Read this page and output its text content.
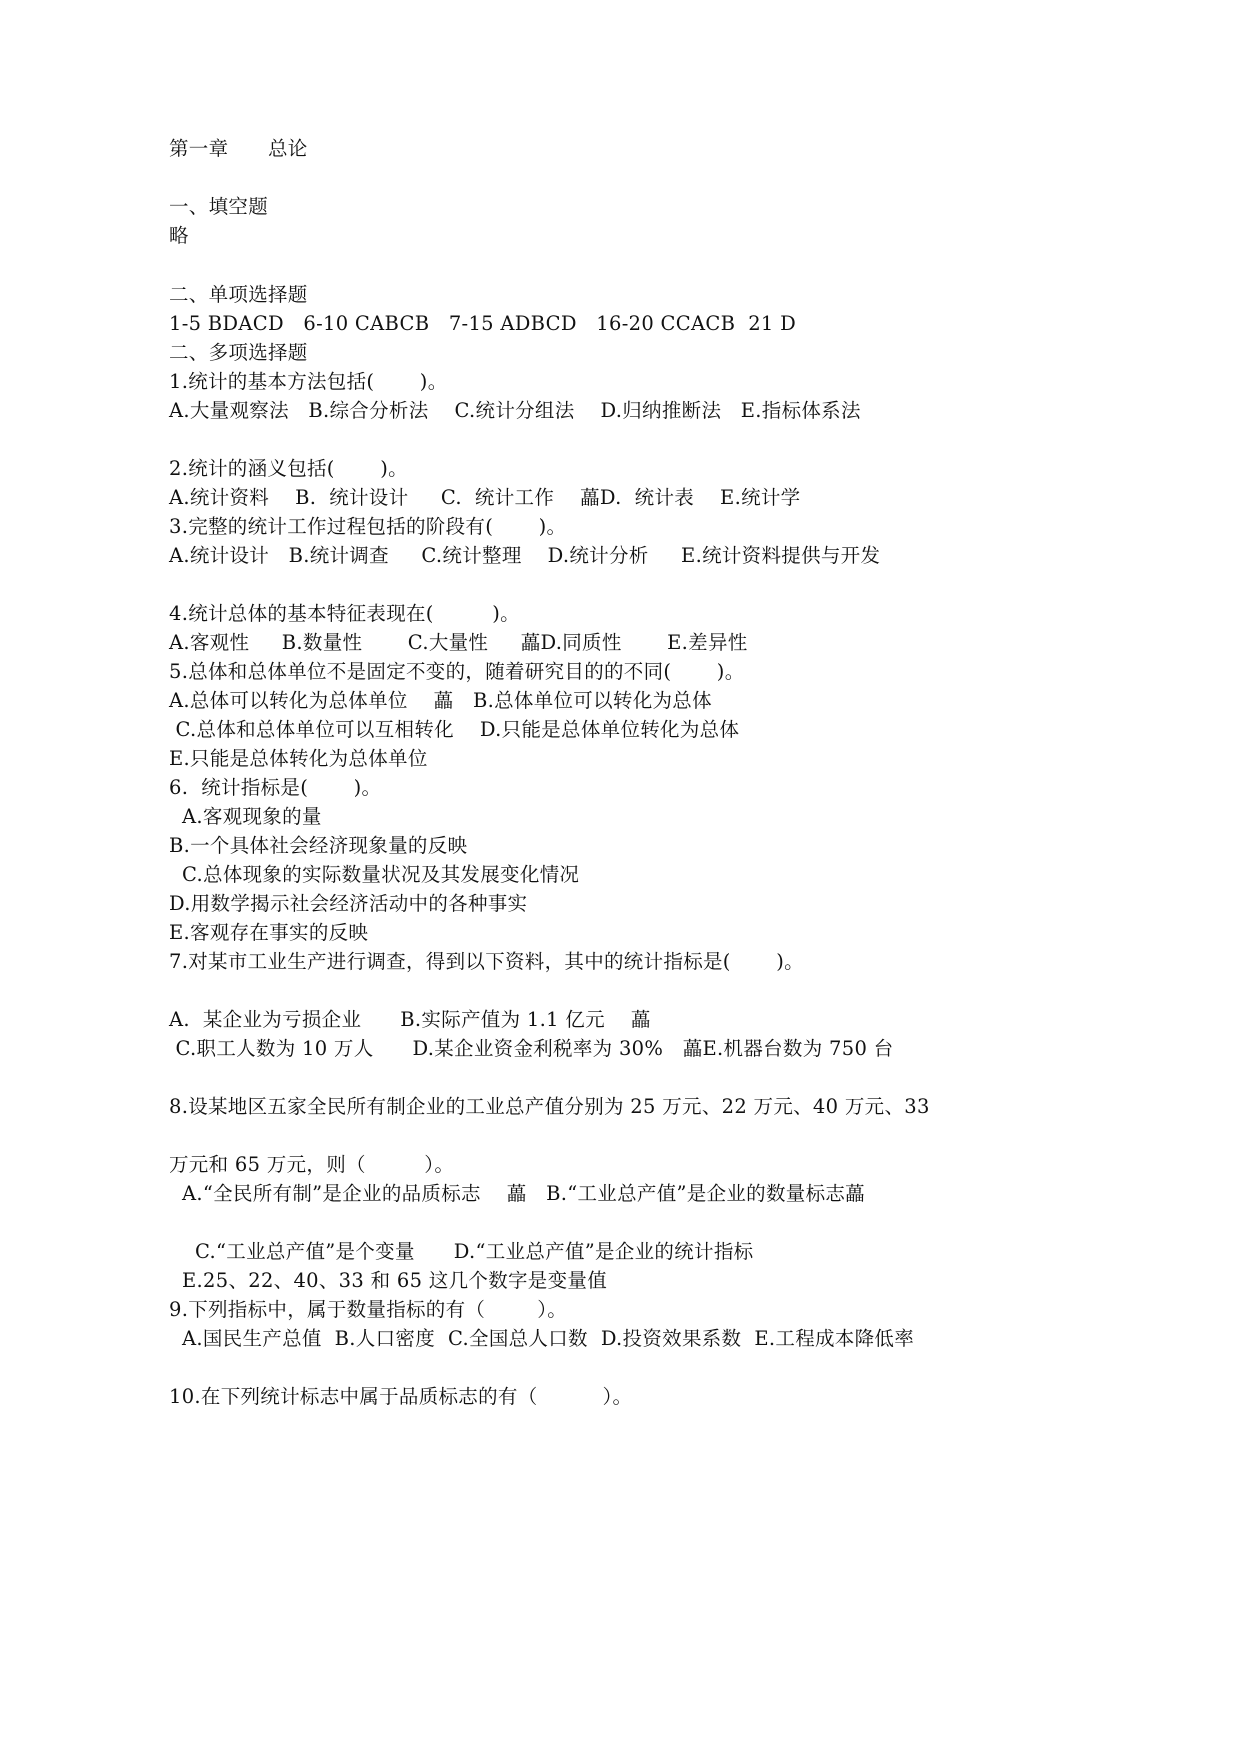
第一章　　总论
一、填空题
略
二、单项选择题
1-5 BDACD   6-10 CABCB   7-15 ADBCD   16-20 CCACB  21 D
二、多项选择题
1.统计的基本方法包括(       )。
A.大量观察法   B.综合分析法    C.统计分组法    D.归纳推断法   E.指标体系法
2.统计的涵义包括(       )。
A.统计资料    B.  统计设计     C.  统计工作    藟D.  统计表    E.统计学
3.完整的统计工作过程包括的阶段有(       )。
A.统计设计   B.统计调查     C.统计整理    D.统计分析     E.统计资料提供与开发
4.统计总体的基本特征表现在(         )。
A.客观性     B.数量性       C.大量性     藟D.同质性       E.差异性
5.总体和总体单位不是固定不变的，随着研究目的的不同(       )。
A.总体可以转化为总体单位    藟   B.总体单位可以转化为总体
C.总体和总体单位可以互相转化    D.只能是总体单位转化为总体
E.只能是总体转化为总体单位
6.  统计指标是(       )。
A.客观现象的量
B.一个具体社会经济现象量的反映
C.总体现象的实际数量状况及其发展变化情况
D.用数学揭示社会经济活动中的各种事实
E.客观存在事实的反映
7.对某市工业生产进行调查，得到以下资料，其中的统计指标是(       )。
A.  某企业为亏损企业      B.实际产值为 1.1 亿元    藟
C.职工人数为 10 万人      D.某企业资金利税率为 30%   藟E.机器台数为 750 台
8.设某地区五家全民所有制企业的工业总产值分别为 25 万元、22 万元、40 万元、33
万元和 65 万元，则（         ）。
A.“全民所有制”是企业的品质标志    藟   B.“工业总产值”是企业的数量标志藟
C.“工业总产值”是个变量      D.“工业总产值”是企业的统计指标
E.25、22、40、33 和 65 这几个数字是变量值
9.下列指标中，属于数量指标的有（        ）。
A.国民生产总值  B.人口密度  C.全国总人口数  D.投资效果系数  E.工程成本降低率
10.在下列统计标志中属于品质标志的有（          ）。
